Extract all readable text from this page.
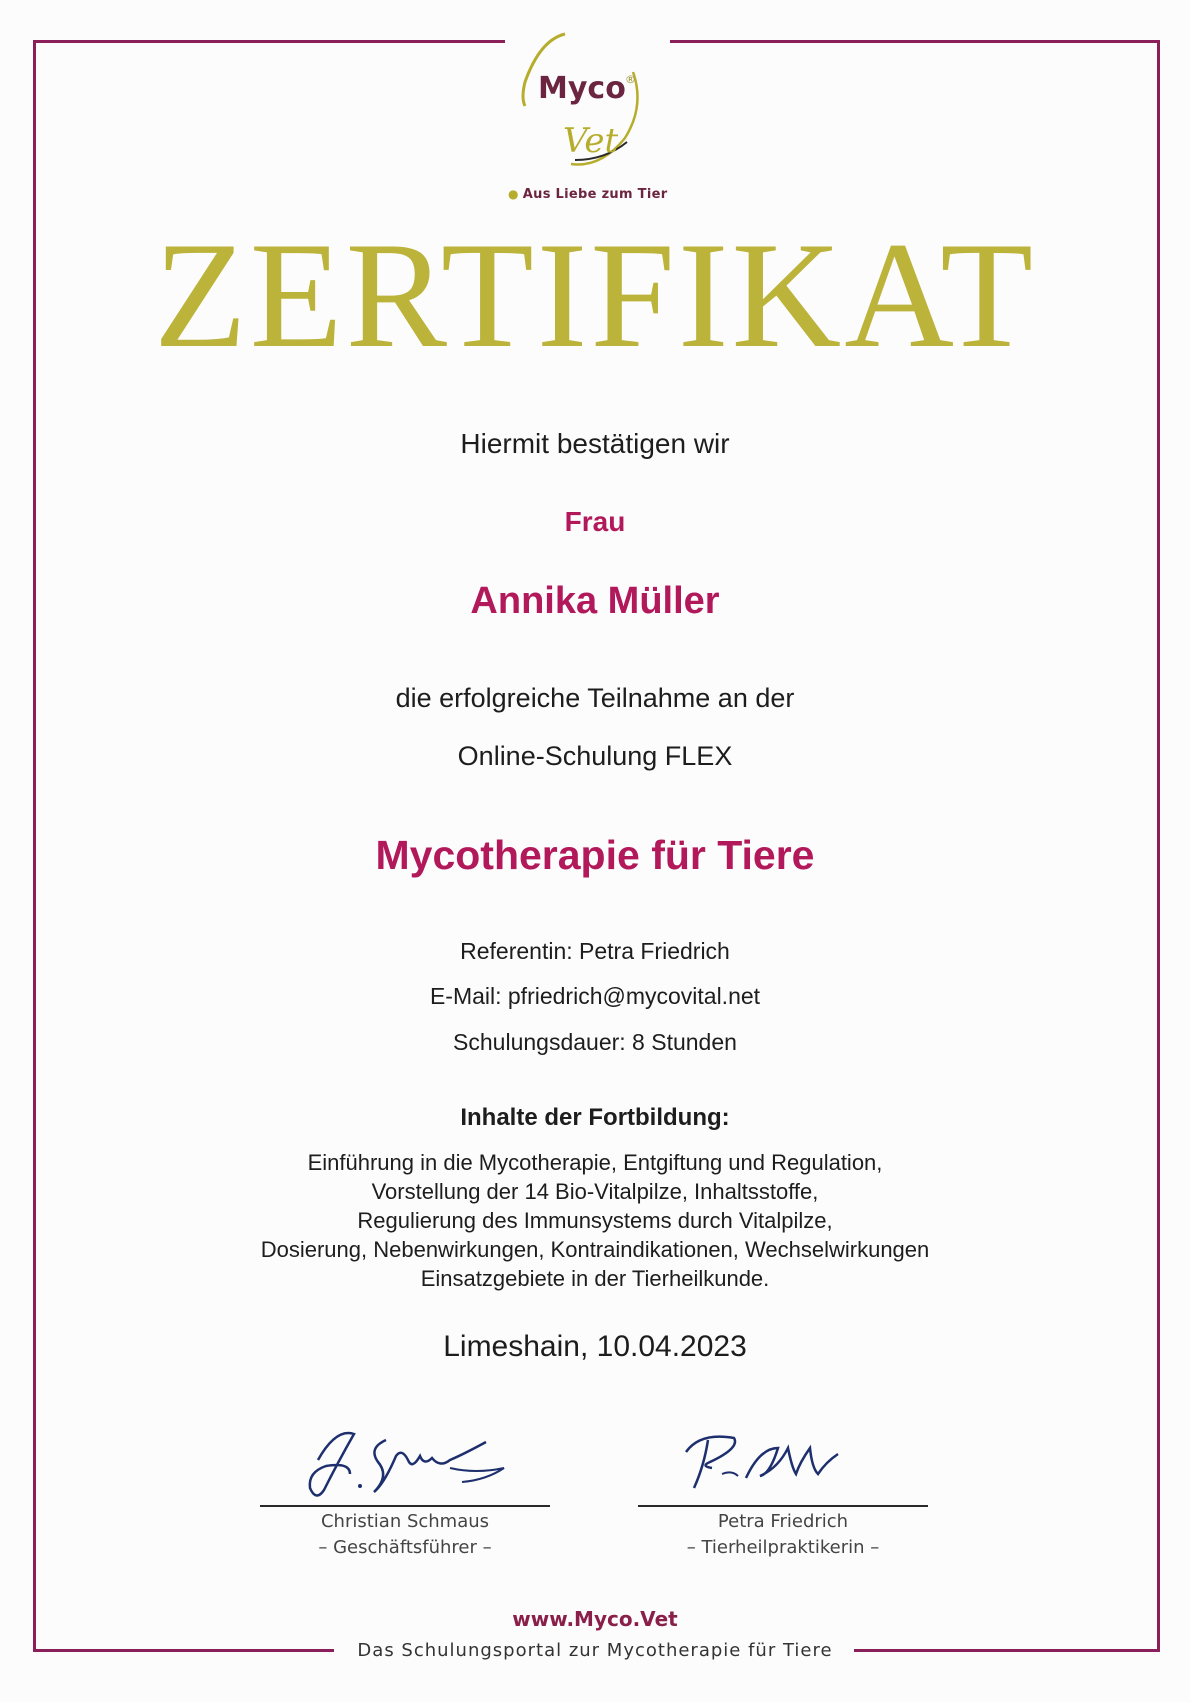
Myco ®
Vet
● Aus Liebe zum Tier
ZERTIFIKAT
Hiermit bestätigen wir
Frau
Annika Müller
die erfolgreiche Teilnahme an der
Online-Schulung FLEX
Mycotherapie für Tiere
Referentin: Petra Friedrich
E-Mail: pfriedrich@mycovital.net
Schulungsdauer: 8 Stunden
Inhalte der Fortbildung:
Einführung in die Mycotherapie, Entgiftung und Regulation,
Vorstellung der 14 Bio-Vitalpilze, Inhaltsstoffe,
Regulierung des Immunsystems durch Vitalpilze,
Dosierung, Nebenwirkungen, Kontraindikationen, Wechselwirkungen
Einsatzgebiete in der Tierheilkunde.
Limeshain, 10.04.2023
Christian Schmaus
– Geschäftsführer –
Petra Friedrich
– Tierheilpraktikerin –
www.Myco.Vet
Das Schulungsportal zur Mycotherapie für Tiere
